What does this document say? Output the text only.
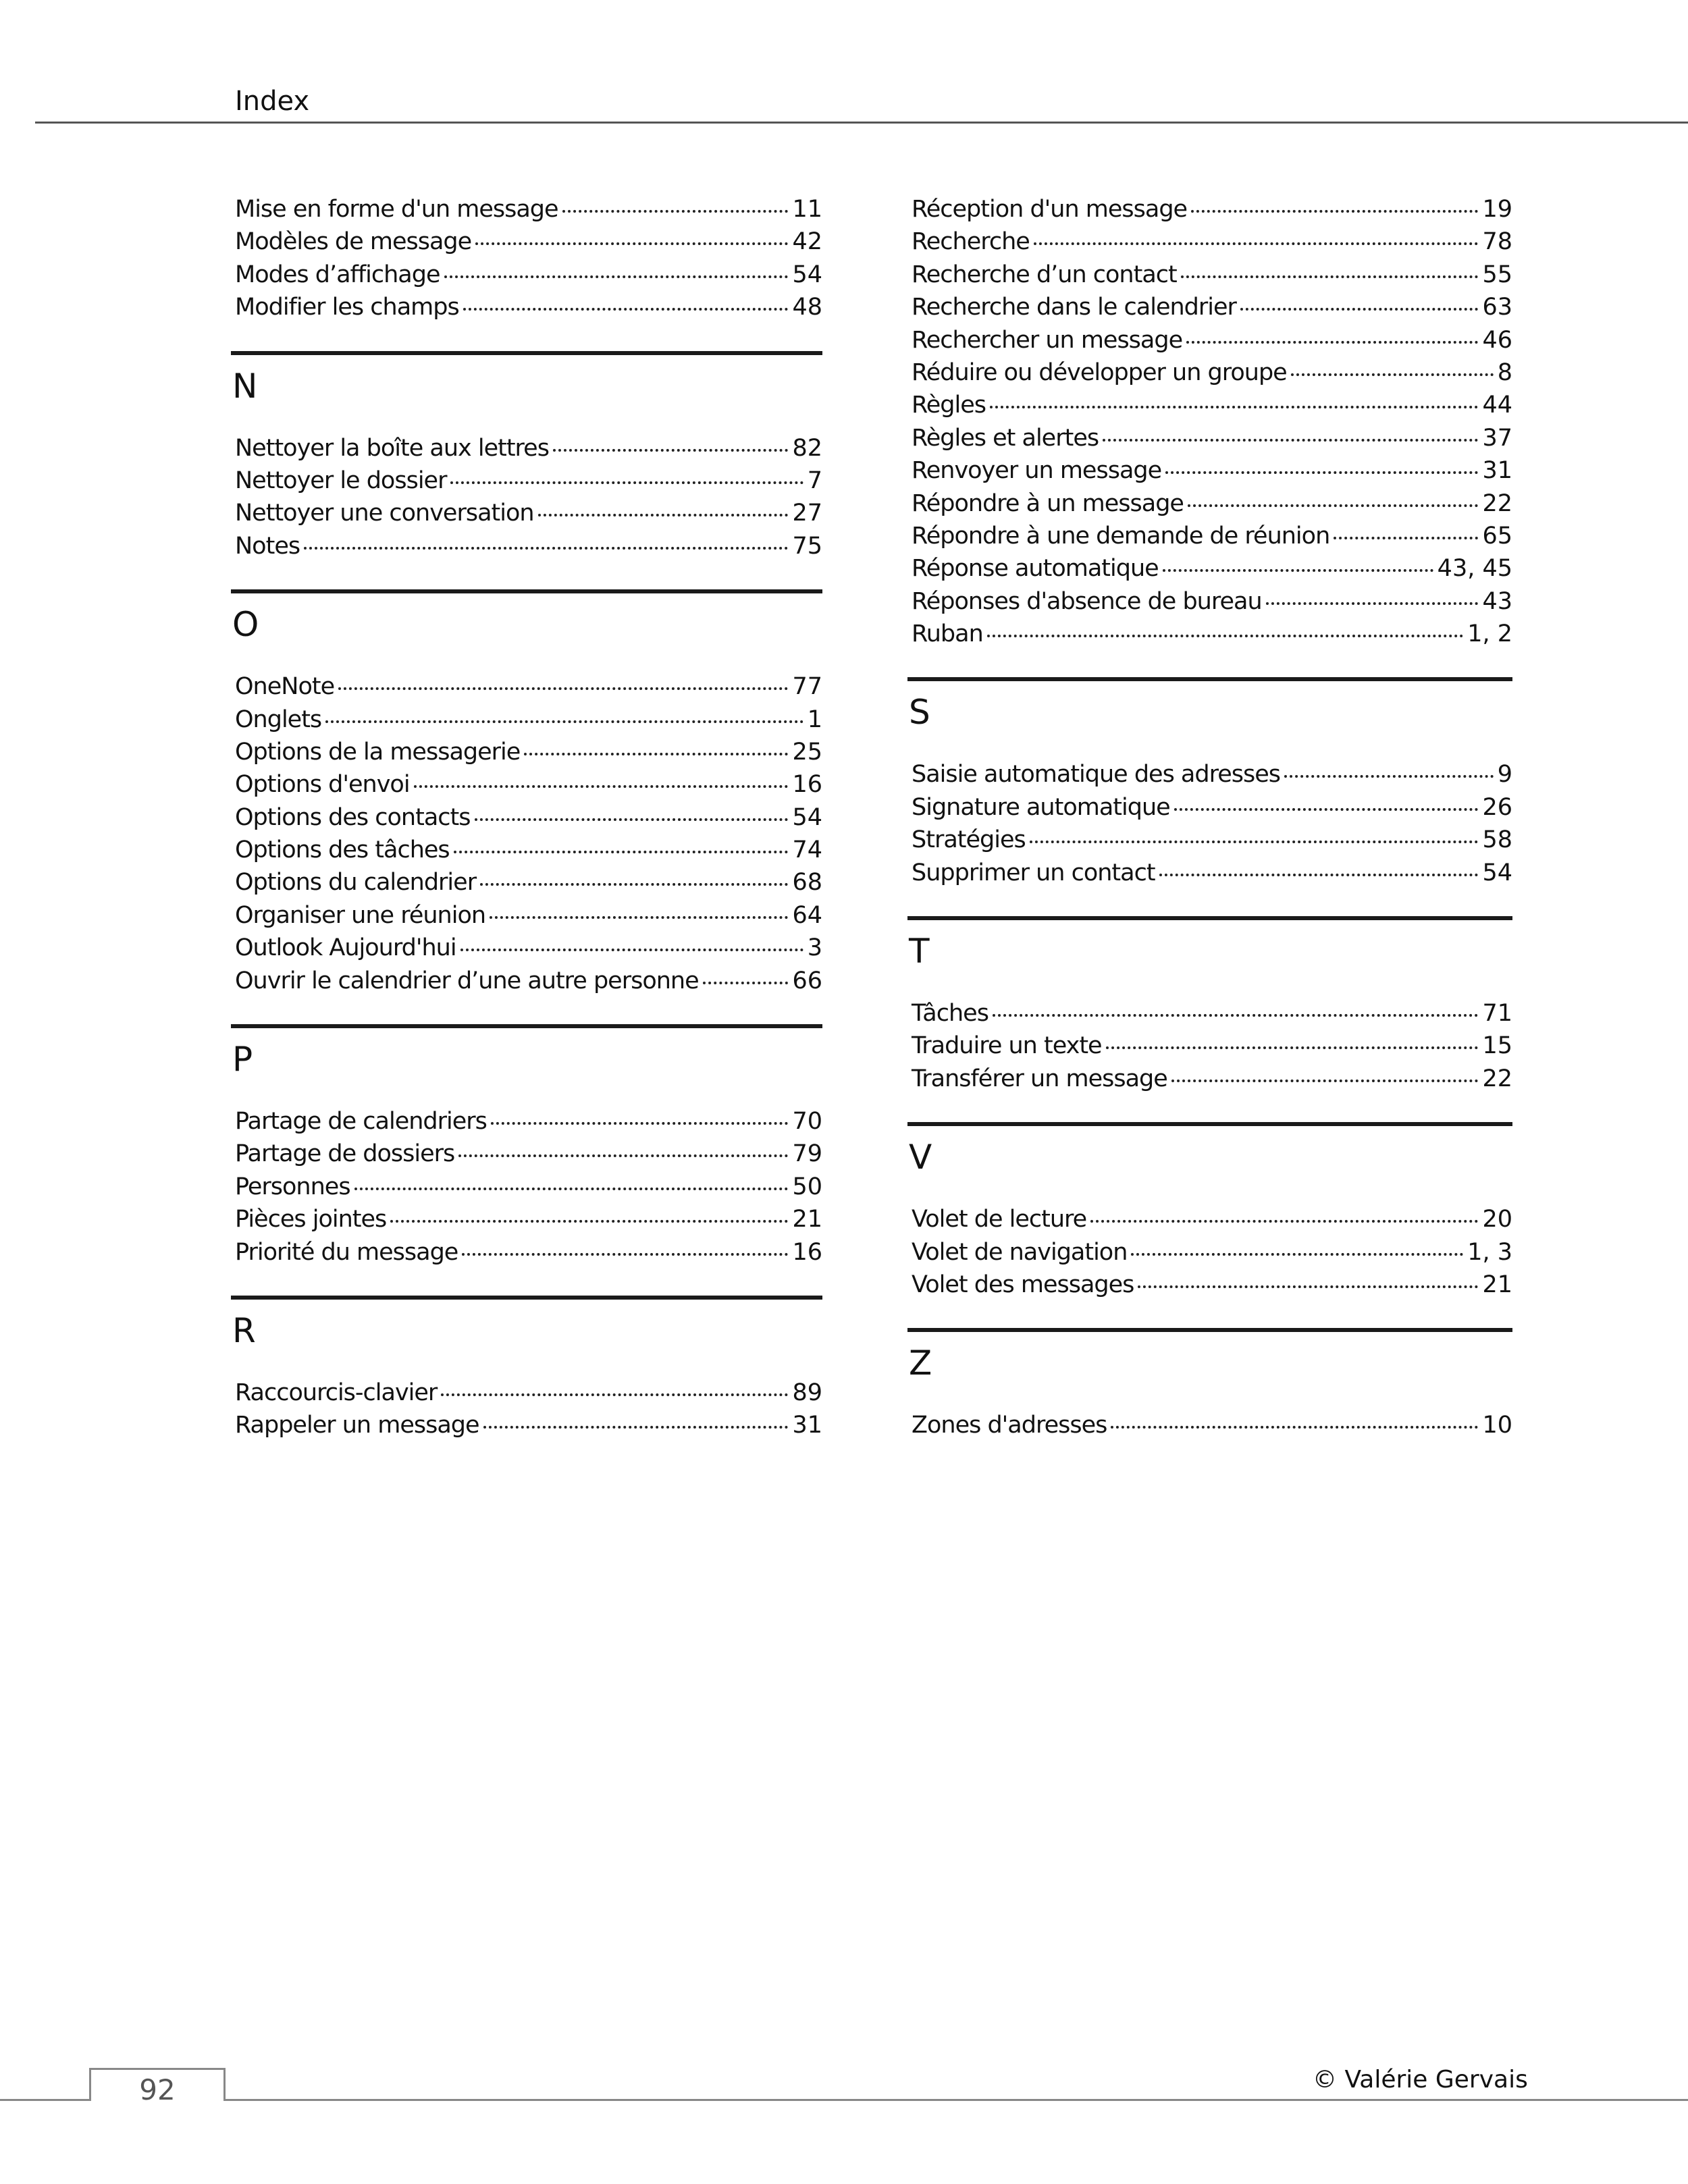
Index
Mise en forme d'un message	11
Modèles de message	42
Modes d’affichage	54
Modifier les champs	48
N
Nettoyer la boîte aux lettres	82
Nettoyer le dossier	7
Nettoyer une conversation	27
Notes	75
O
OneNote	77
Onglets	1
Options de la messagerie	25
Options d'envoi	16
Options des contacts	54
Options des tâches	74
Options du calendrier	68
Organiser une réunion	64
Outlook Aujourd'hui	3
Ouvrir le calendrier d’une autre personne	66
P
Partage de calendriers	70
Partage de dossiers	79
Personnes	50
Pièces jointes	21
Priorité du message	16
R
Raccourcis-clavier	89
Rappeler un message	31
Réception d'un message	19
Recherche	78
Recherche d’un contact	55
Recherche dans le calendrier	63
Rechercher un message	46
Réduire ou développer un groupe	8
Règles	44
Règles et alertes	37
Renvoyer un message	31
Répondre à un message	22
Répondre à une demande de réunion	65
Réponse automatique	43, 45
Réponses d'absence de bureau	43
Ruban	1, 2
S
Saisie automatique des adresses	9
Signature automatique	26
Stratégies	58
Supprimer un contact	54
T
Tâches	71
Traduire un texte	15
Transférer un message	22
V
Volet de lecture	20
Volet de navigation	1, 3
Volet des messages	21
Z
Zones d'adresses	10
92	© Valérie Gervais
